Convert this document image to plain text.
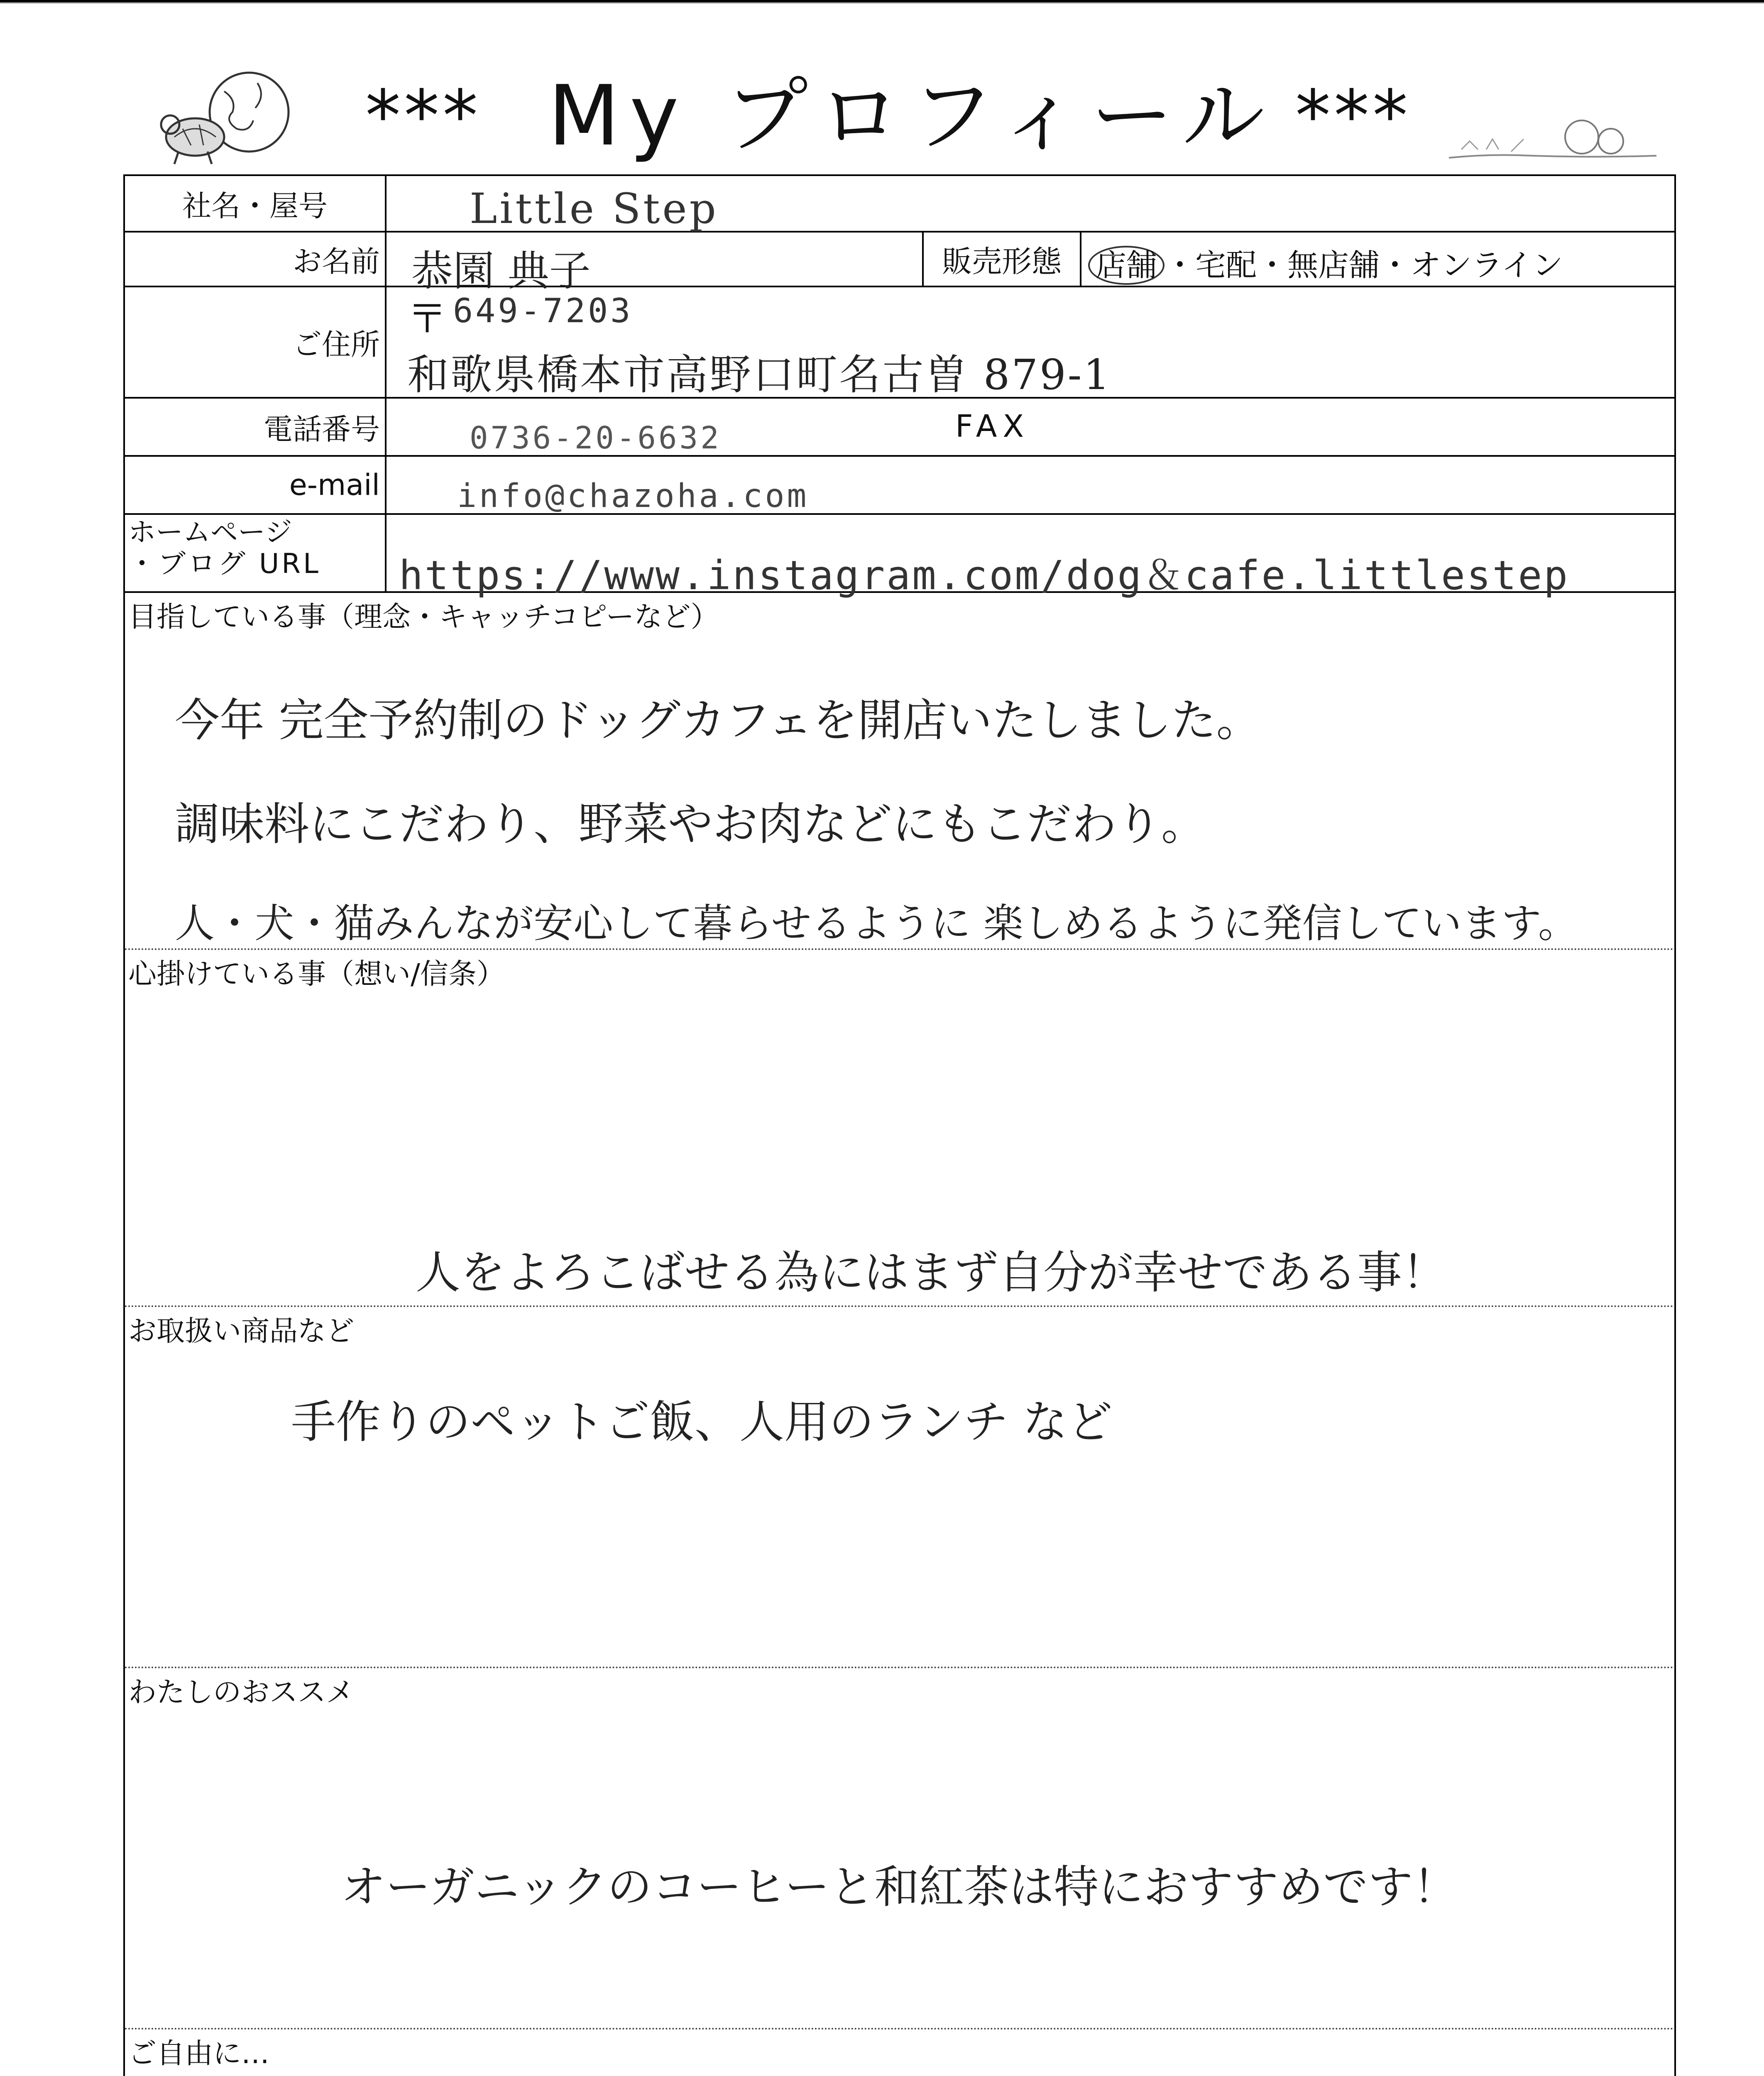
*** My プロフィール ***
社名・屋号	Little Step
お名前 恭園 典子	販売形態	店舗 ・宅配・無店舗・オンライン
ご住所
〒 649-7203
和歌県橋本市高野口町名古曽 879-1
電話番号	0736-20-6632	FAX
e-mail info@chazoha.com
ホームページ
・ブログ URL	https://www.instagram.com/dog＆cafe.littlestep
目指している事（理念・キャッチコピーなど）
今年 完全予約制のドッグカフェを開店いたしました。
調味料にこだわり、野菜やお肉などにもこだわり。
人・犬・猫みんなが安心して暮らせるように 楽しめるように発信しています。
心掛けている事（想い/信条）
人をよろこばせる為にはまず自分が幸せである事！
お取扱い商品など
手作りのペットご飯、人用のランチ など
わたしのおススメ
オーガニックのコーヒーと和紅茶は特におすすめです！
ご自由に…
